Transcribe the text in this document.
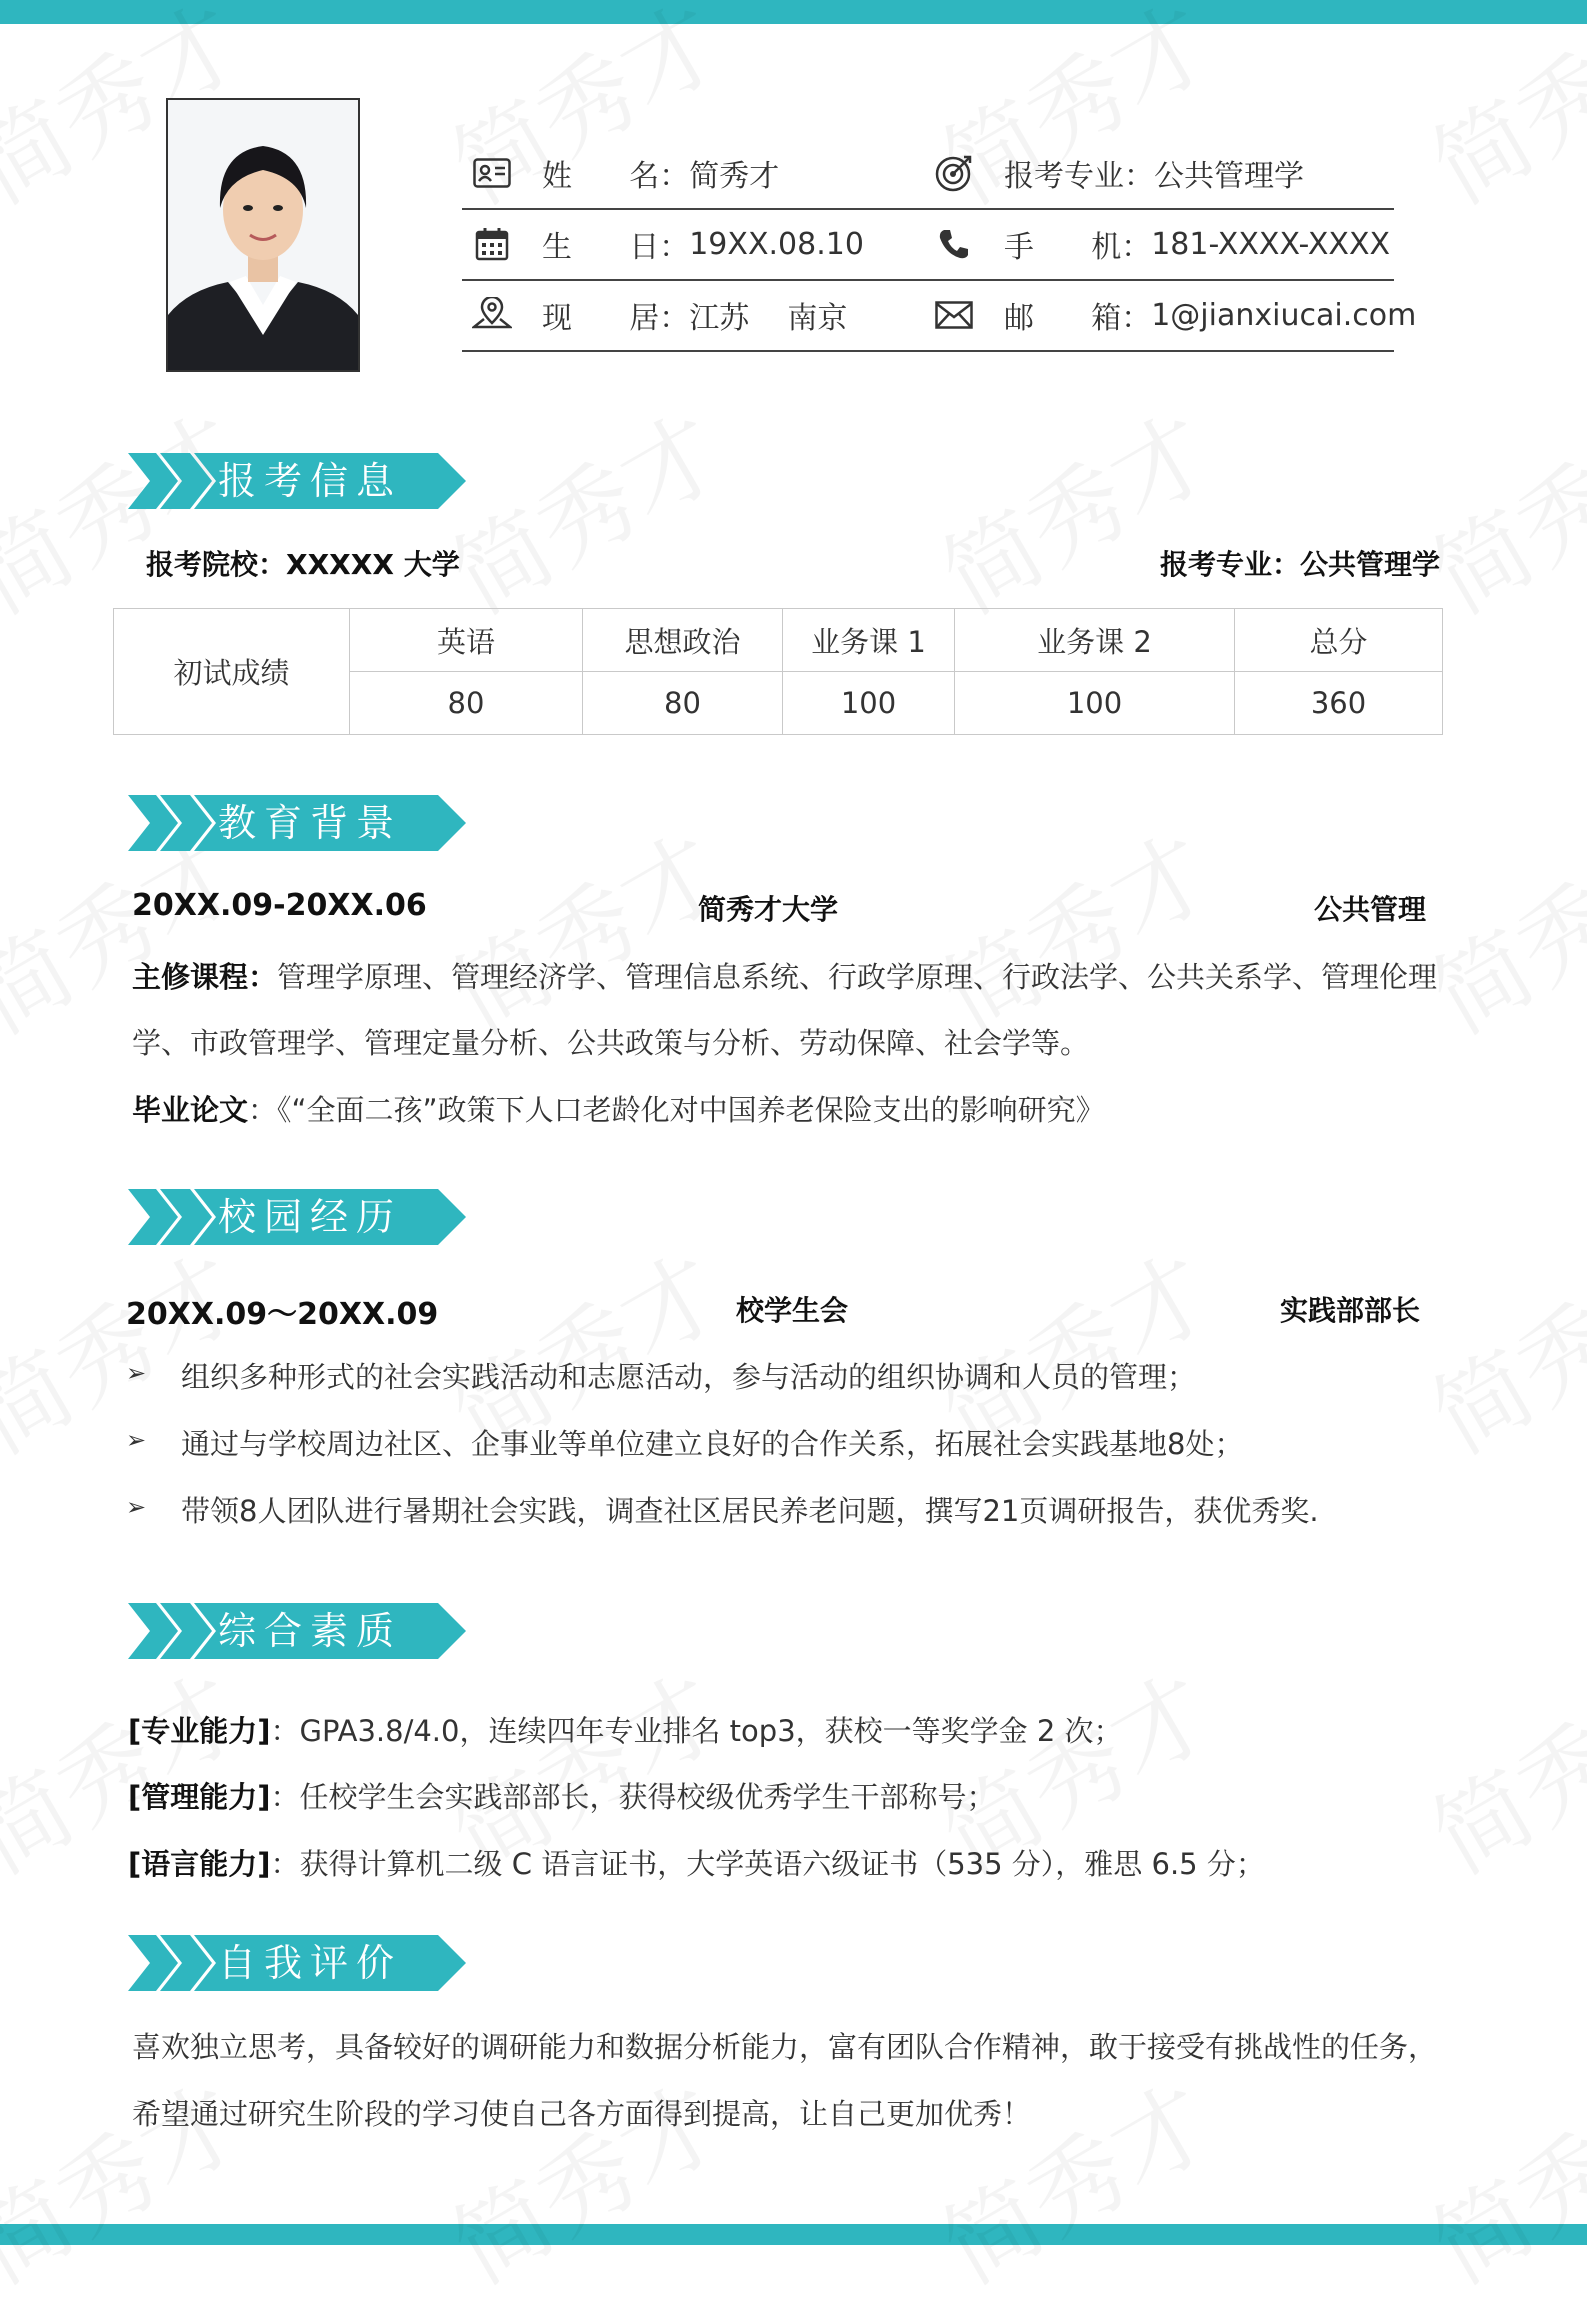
姓      名： 简秀才	报考专业： 公共管理学
生      日： 19XX.08.10	手      机： 181-XXXX-XXXX
现      居： 江苏    南京	邮      箱： 1@jianxiucai.com
报考信息
报考院校：XXXXX 大学	报考专业：公共管理学
初试成绩	英语	思想政治	业务课 1	业务课 2	总分
	80	80	100	100	360
教育背景
20XX.09-20XX.06	简秀才大学	公共管理
主修课程：管理学原理、管理经济学、管理信息系统、行政学原理、行政法学、公共关系学、管理伦理
学、市政管理学、管理定量分析、公共政策与分析、劳动保障、社会学等。
毕业论文：《“全面二孩”政策下人口老龄化对中国养老保险支出的影响研究》
校园经历
20XX.09～20XX.09	校学生会	实践部部长
➢ 组织多种形式的社会实践活动和志愿活动，参与活动的组织协调和人员的管理；
➢ 通过与学校周边社区、企事业等单位建立良好的合作关系，拓展社会实践基地8处；
➢ 带领8人团队进行暑期社会实践，调查社区居民养老问题，撰写21页调研报告，获优秀奖.
综合素质
[专业能力]：GPA3.8/4.0，连续四年专业排名 top3，获校一等奖学金 2 次；
[管理能力]：任校学生会实践部部长，获得校级优秀学生干部称号；
[语言能力]：获得计算机二级 C 语言证书，大学英语六级证书（535 分），雅思 6.5 分；
自我评价
喜欢独立思考，具备较好的调研能力和数据分析能力，富有团队合作精神，敢于接受有挑战性的任务，
希望通过研究生阶段的学习使自己各方面得到提高，让自己更加优秀！
